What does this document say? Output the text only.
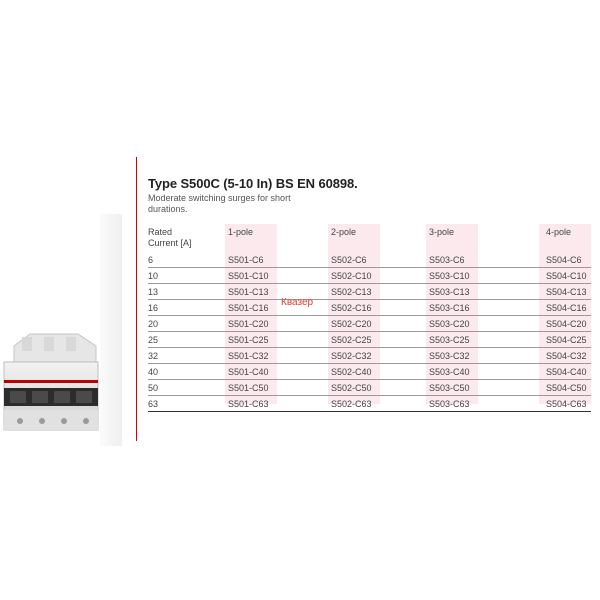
Type S500C (5-10 In) BS EN 60898.
Moderate switching surges for short durations.
Rated
Current [A]
1-pole	2-pole	3-pole	4-pole
6	S501-C6	S502-C6	S503-C6	S504-C6
10	S501-C10	S502-C10	S503-C10	S504-C10
13	S501-C13	S502-C13	S503-C13	S504-C13
16	S501-C16	S502-C16	S503-C16	S504-C16
20	S501-C20	S502-C20	S503-C20	S504-C20
25	S501-C25	S502-C25	S503-C25	S504-C25
32	S501-C32	S502-C32	S503-C32	S504-C32
40	S501-C40	S502-C40	S503-C40	S504-C40
50	S501-C50	S502-C50	S503-C50	S504-C50
63	S501-C63	S502-C63	S503-C63	S504-C63
Квазер
